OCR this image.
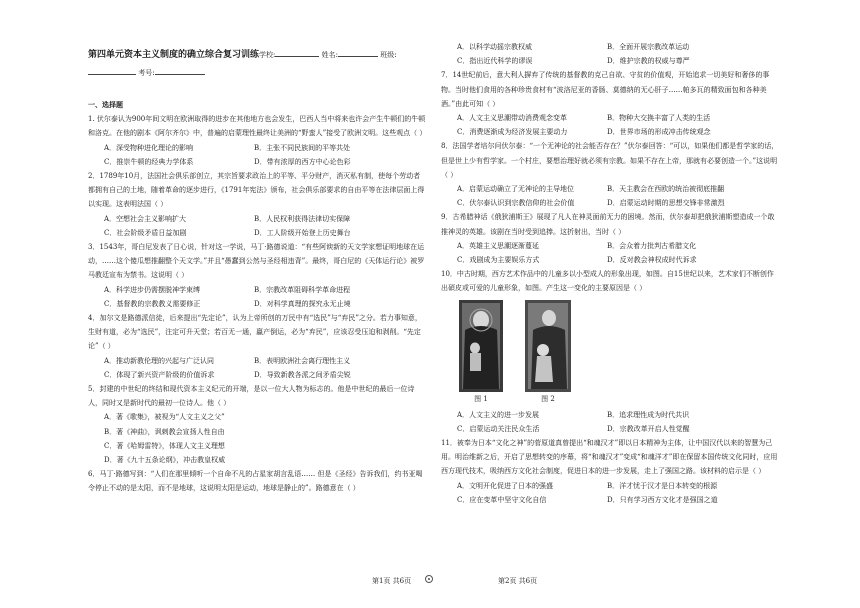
第四单元资本主义制度的确立综合复习训练学校:	姓名:	班级:
考号:
一、选择题
1. 伏尔泰认为900年间文明在欧洲取得的进步在其他地方也会发生，巴西人当中将来也许会产生牛顿们的牛顿和洛克。在他的剧本《阿尔齐尔》中，普遍的启蒙理性最终让美洲的“野蛮人”接受了欧洲文明。这些观点（ ）
A．深受物种进化理论的影响	B．主张不同民族间的平等共处
C．推崇牛顿的经典力学体系	D．带有浓厚的西方中心论色彩
2．1789年10月，法国社会俱乐部创立，其宗旨要求政治上的平等、平分财产，消灭私有制，使每个劳动者都拥有自己的土地，随着革命的逐步进行，《1791年宪法》颁布，社会俱乐部要求的自由平等在法律层面上得以实现。这表明法国（ ）
A．空想社会主义影响扩大	B．人民权利获得法律切实保障
C．社会阶级矛盾日益加剧	D．工人阶级开始登上历史舞台
3．1543年，哥白尼发表了日心说，针对这一学说，马丁·路德说道：“有些阿谀新的天文学家想证明地球在运动，……这个傻瓜想推翻整个天文学。”并且“愚蠢到公然与圣经相违背”。最终，哥白尼的《天体运行论》被罗马教廷宣布为禁书。这说明（ ）
A．科学进步仍需摆脱神学束缚	B．宗教改革阻碍科学革命进程
C．基督教的宗教教义需要修正	D．对科学真理的探究永无止境
4．加尔文是路德派信徒，后来提出“先定论”，认为上帝所创的万民中有“选民”与“弃民”之分。若力事知意，生财有道，必为“选民”，注定可升天堂；若百无一通，蠃产倒运，必为“弃民”，应该忍受压迫和剥削。“先定论”（ ）
A．推动新教伦理的兴起与广泛认同	B．表明欧洲社会离行理性主义
C．体现了新兴资产阶级的价值诉求	D．导致新教各派之间矛盾尖锐
5．封建的中世纪的终结和现代资本主义纪元的开端，是以一位大人物为标志的。他是中世纪的最后一位诗人，同时又是新时代的最初一位诗人。他（ ）
A．著《歌集》，被视为“人文主义之父”
B．著《神曲》，讽刺教会宣扬人性自由
C．著《哈姆雷特》，体现人文主义理想
D．著《九十五条论纲》，冲击教皇权威
6．马丁·路德写到：“人们在那里倾听一个自命不凡的占星家胡言乱语…… 但是《圣经》告诉我们，约书亚喝令停止不动的是太阳，而不是地球，这说明太阳是运动，地球是静止的”。路德意在（ ）
第1页 共6页
A．以科学动摇宗教权威	B．全面开展宗教改革运动
C．指出近代科学的谬误	D．维护宗教的权威与尊严
7．14世纪前后，意大利人摒弃了传统的基督教的克己自欲、守贫的价值观，开始追求一切美好和奢侈的事物。当时他们食用的各种珍贵食材有“波洛尼亚的香肠、莫德纳的无心肝子……帕多瓦的精致面包和各种美酒。”由此可知（ ）
A．人文主义思潮带动消费观念变革	B．物种大交换丰富了人类的生活
C．消费逐渐成为经济发展主要动力	D．世界市场的形成冲击传统观念
8．法国学者培尔问伏尔泰：“一个无神论的社会能否存在？”伏尔泰回答：“可以，如果他们都是哲学家的话，但是世上少有哲学家。一个村庄，要想治理好就必须有宗教。如果不存在上帝，那就有必要创造一个。”这说明（ ）
A．启蒙运动确立了无神论的主导地位	B．天主教会在西欧的统治被彻底推翻
C．伏尔泰认识到宗教信仰的社会价值	D．启蒙运动时期的思想交锋非常激烈
9．古希腊神话《俄狄浦斯王》展现了凡人在神灵面前无力的困境。然而，伏尔泰却把俄狄浦斯塑造成一个敢推神灵的英雄。该剧在当时受到追捧。这折射出，当时（ ）
A．英雄主义思潮逐渐蔓延	B．会众着力批判古希腊文化
C．戏剧成为主要娱乐方式	D．反对教会神权成时代诉求
10．中古时期，西方艺术作品中的儿童多以小型成人的形象出现，如图。自15世纪以来，艺术家们不断创作出碩皮或可爱的儿童形象，如图。产生这一变化的主要原因是（ ）
图 1	图 2
A．人文主义的进一步发展	B．追求理性成为时代共识
C．启蒙运动关注民众生活	D．宗教改革开启人性觉醒
11．被奉为日本“文化之神”的菅原道真曾提出“和魂汉才”即以日本精神为主体，让中国汉代以来的智慧为己用。明治维新之后，开启了思想转变的序幕，将“和魂汉才”变成“和魂洋才”即在保留本国传统文化同时，应用西方现代技术，吸纳西方文化社会制度，促进日本的进一步发展，走上了强国之路。该材料的启示是（ ）
A．文明开化促进了日本的强盛	B．洋才忧于汉才是日本转变的根源
C．应在变革中坚守文化自信	D．只有学习西方文化才是强国之道
第2页 共6页
